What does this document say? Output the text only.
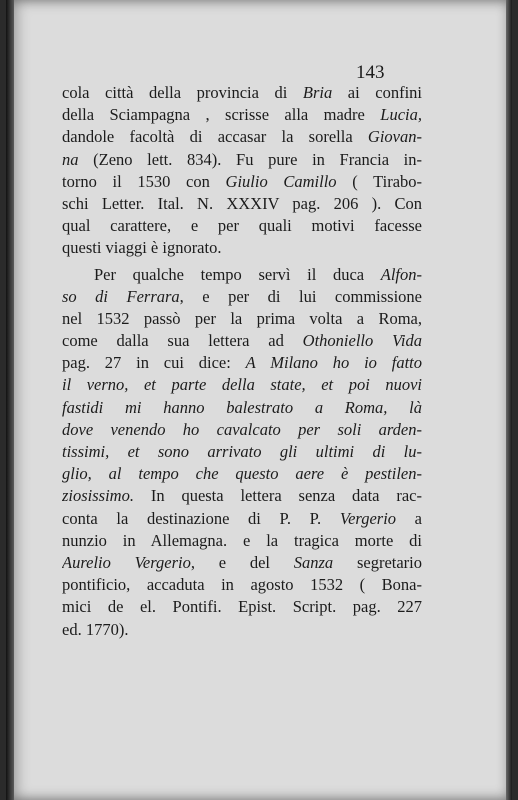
143
cola città della provincia di Bria ai confini
della Sciampagna , scrisse alla madre Lucia,
dandole facoltà di accasar la sorella Giovan-
na (Zeno lett. 834). Fu pure in Francia in-
torno il 1530 con Giulio Camillo ( Tirabo-
schi Letter. Ital. N. XXXIV pag. 206 ). Con
qual carattere, e per quali motivi facesse
questi viaggi è ignorato.
Per qualche tempo servì il duca Alfon-
so di Ferrara, e per di lui commissione
nel 1532 passò per la prima volta a Roma,
come dalla sua lettera ad Othoniello Vida
pag. 27 in cui dice: A Milano ho io fatto
il verno, et parte della state, et poi nuovi
fastidi mi hanno balestrato a Roma, là
dove venendo ho cavalcato per soli arden-
tissimi, et sono arrivato gli ultimi di lu-
glio, al tempo che questo aere è pestilen-
ziosissimo. In questa lettera senza data rac-
conta la destinazione di P. P. Vergerio a
nunzio in Allemagna. e la tragica morte di
Aurelio Vergerio, e del Sanza segretario
pontificio, accaduta in agosto 1532 ( Bona-
mici de el. Pontifi. Epist. Script. pag. 227
ed. 1770).
